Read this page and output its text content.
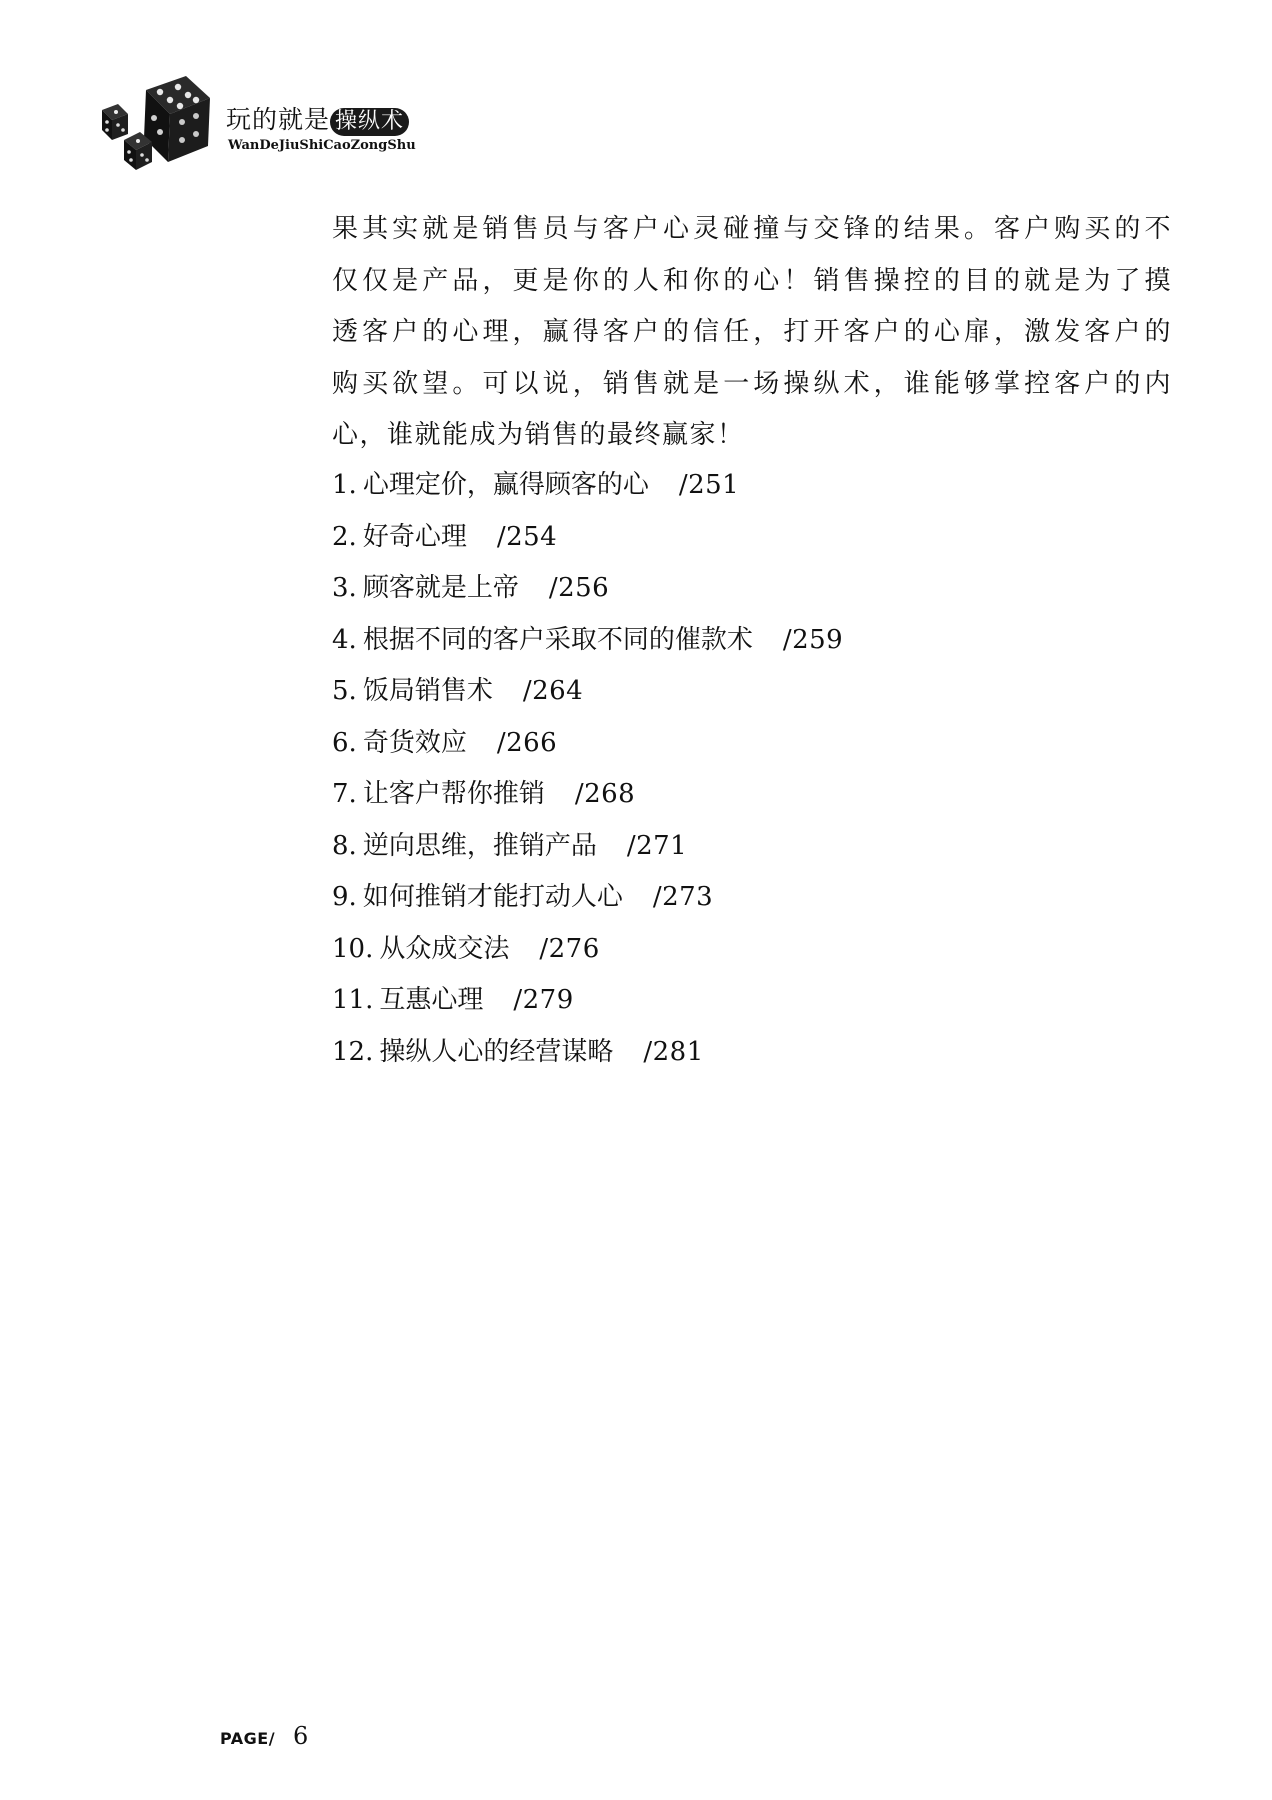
玩的就是 操纵术
WanDeJiuShiCaoZongShu
果其实就是销售员与客户心灵碰撞与交锋的结果。客户购买的不
仅仅是产品，更是你的人和你的心！销售操控的目的就是为了摸
透客户的心理，赢得客户的信任，打开客户的心扉，激发客户的
购买欲望。可以说，销售就是一场操纵术，谁能够掌控客户的内
心，谁就能成为销售的最终赢家！
1. 心理定价，赢得顾客的心 /251
2. 好奇心理 /254
3. 顾客就是上帝 /256
4. 根据不同的客户采取不同的催款术 /259
5. 饭局销售术 /264
6. 奇货效应 /266
7. 让客户帮你推销 /268
8. 逆向思维，推销产品 /271
9. 如何推销才能打动人心 /273
10. 从众成交法 /276
11. 互惠心理 /279
12. 操纵人心的经营谋略 /281
PAGE/ 6
